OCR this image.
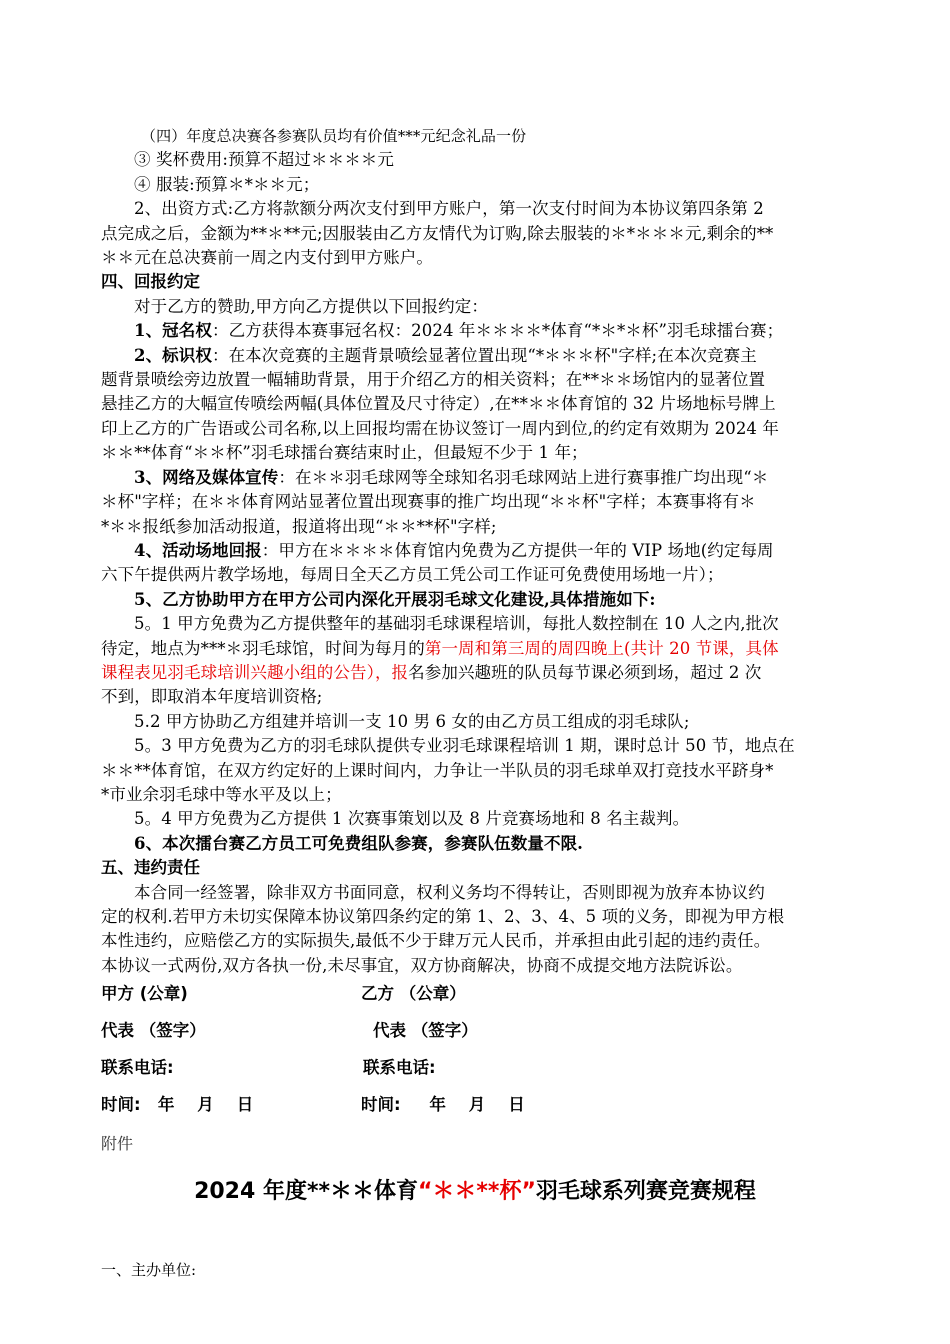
（四）年度总决赛各参赛队员均有价值***元纪念礼品一份
③ 奖杯费用:预算不超过＊＊＊＊元
④ 服装:预算＊*＊＊元；
2、出资方式:乙方将款额分两次支付到甲方账户，第一次支付时间为本协议第四条第 2
点完成之后，金额为**＊**元;因服装由乙方友情代为订购,除去服装的＊*＊＊＊元,剩余的**
＊＊元在总决赛前一周之内支付到甲方账户。
四、回报约定
对于乙方的赞助,甲方向乙方提供以下回报约定：
1、冠名权：乙方获得本赛事冠名权：2024 年＊＊＊＊*体育“*＊*＊杯”羽毛球擂台赛；
2、标识权：在本次竞赛的主题背景喷绘显著位置出现“*＊＊＊杯"字样;在本次竞赛主
题背景喷绘旁边放置一幅辅助背景，用于介绍乙方的相关资料；在**＊＊场馆内的显著位置
悬挂乙方的大幅宣传喷绘两幅(具体位置及尺寸待定）,在**＊＊体育馆的 32 片场地标号牌上
印上乙方的广告语或公司名称,以上回报均需在协议签订一周内到位,的约定有效期为 2024 年
＊＊**体育“＊＊杯”羽毛球擂台赛结束时止，但最短不少于 1 年；
3、网络及媒体宣传：在＊＊羽毛球网等全球知名羽毛球网站上进行赛事推广均出现“＊
＊杯"字样；在＊＊体育网站显著位置出现赛事的推广均出现“＊＊杯"字样；本赛事将有＊
*＊＊报纸参加活动报道，报道将出现“＊＊**杯"字样;
4、活动场地回报：甲方在＊＊＊＊体育馆内免费为乙方提供一年的 VIP 场地(约定每周
六下午提供两片教学场地，每周日全天乙方员工凭公司工作证可免费使用场地一片）；
5、乙方协助甲方在甲方公司内深化开展羽毛球文化建设,具体措施如下:
5。1 甲方免费为乙方提供整年的基础羽毛球课程培训，每批人数控制在 10 人之内,批次
待定，地点为***＊羽毛球馆，时间为每月的第一周和第三周的周四晚上(共计 20 节课，具体
课程表见羽毛球培训兴趣小组的公告），报名参加兴趣班的队员每节课必须到场，超过 2 次
不到，即取消本年度培训资格;
5.2 甲方协助乙方组建并培训一支 10 男 6 女的由乙方员工组成的羽毛球队;
5。3 甲方免费为乙方的羽毛球队提供专业羽毛球课程培训 1 期，课时总计 50 节，地点在
＊＊**体育馆，在双方约定好的上课时间内，力争让一半队员的羽毛球单双打竞技水平跻身*
*市业余羽毛球中等水平及以上；
5。4 甲方免费为乙方提供 1 次赛事策划以及 8 片竞赛场地和 8 名主裁判。
6、本次擂台赛乙方员工可免费组队参赛，参赛队伍数量不限.
五、违约责任
本合同一经签署，除非双方书面同意，权利义务均不得转让，否则即视为放弃本协议约
定的权利.若甲方未切实保障本协议第四条约定的第 1、2、3、4、5 项的义务，即视为甲方根
本性违约，应赔偿乙方的实际损失,最低不少于肆万元人民币，并承担由此引起的违约责任。
本协议一式两份,双方各执一份,未尽事宜，双方协商解决，协商不成提交地方法院诉讼。
甲方 (公章)	乙方 （公章）
代表 （签字）	代表 （签字）
联系电话:	联系电话:
时间:   年    月    日	时间:     年    月    日
附件
2024 年度**＊＊体育“＊＊**杯”羽毛球系列赛竞赛规程
一、主办单位:
